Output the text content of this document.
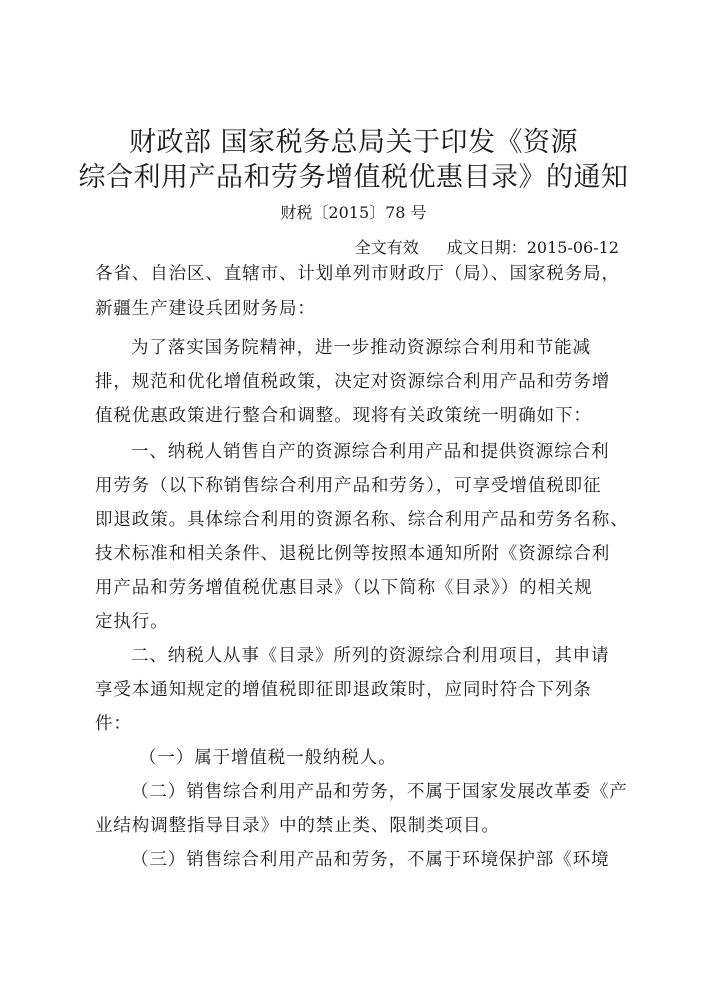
财政部 国家税务总局关于印发《资源
综合利用产品和劳务增值税优惠目录》的通知
财税〔2015〕78 号
全文有效 成文日期：2015-06-12
各省、自治区、直辖市、计划单列市财政厅（局）、国家税务局，
新疆生产建设兵团财务局：
为了落实国务院精神，进一步推动资源综合利用和节能减
排，规范和优化增值税政策，决定对资源综合利用产品和劳务增
值税优惠政策进行整合和调整。现将有关政策统一明确如下：
一、纳税人销售自产的资源综合利用产品和提供资源综合利
用劳务（以下称销售综合利用产品和劳务），可享受增值税即征
即退政策。具体综合利用的资源名称、综合利用产品和劳务名称、
技术标准和相关条件、退税比例等按照本通知所附《资源综合利
用产品和劳务增值税优惠目录》（以下简称《目录》）的相关规
定执行。
二、纳税人从事《目录》所列的资源综合利用项目，其申请
享受本通知规定的增值税即征即退政策时，应同时符合下列条
件：
（一）属于增值税一般纳税人。
（二）销售综合利用产品和劳务，不属于国家发展改革委《产
业结构调整指导目录》中的禁止类、限制类项目。
（三）销售综合利用产品和劳务，不属于环境保护部《环境
